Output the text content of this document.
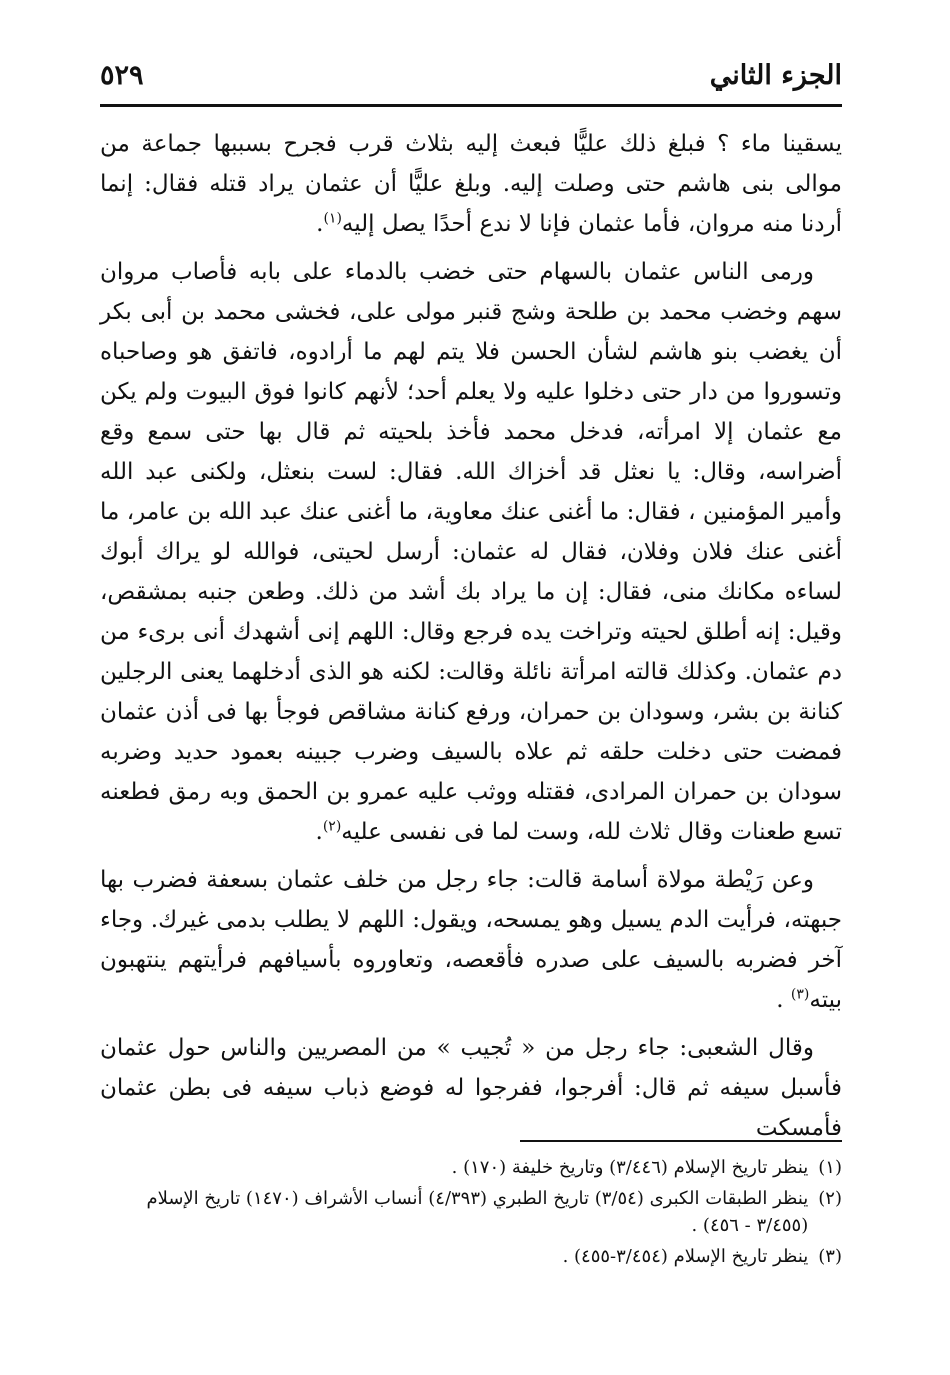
الجزء الثاني
٥٢٩

يسقينا ماء ؟ فبلغ ذلك عليًّا فبعث إليه بثلاث قرب فجرح بسببها جماعة من موالى بنى هاشم حتى وصلت إليه. وبلغ عليًّا أن عثمان يراد قتله فقال: إنما أردنا منه مروان، فأما عثمان فإنا لا ندع أحدًا يصل إليه$^{(١)}$.

ورمى الناس عثمان بالسهام حتى خضب بالدماء على بابه فأصاب مروان سهم وخضب محمد بن طلحة وشج قنبر مولى على، فخشى محمد بن أبى بكر أن يغضب بنو هاشم لشأن الحسن فلا يتم لهم ما أرادوه، فاتفق هو وصاحباه وتسوروا من دار حتى دخلوا عليه ولا يعلم أحد؛ لأنهم كانوا فوق البيوت ولم يكن مع عثمان إلا امرأته، فدخل محمد فأخذ بلحيته ثم قال بها حتى سمع وقع أضراسه، وقال: يا نعثل قد أخزاك الله. فقال: لست بنعثل، ولكنى عبد الله وأمير المؤمنين ، فقال: ما أغنى عنك معاوية، ما أغنى عنك عبد الله بن عامر، ما أغنى عنك فلان وفلان، فقال له عثمان: أرسل لحيتى، فوالله لو يراك أبوك لساءه مكانك منى، فقال: إن ما يراد بك أشد من ذلك. وطعن جنبه بمشقص، وقيل: إنه أطلق لحيته وتراخت يده فرجع وقال: اللهم إنى أشهدك أنى برىء من دم عثمان. وكذلك قالته امرأتة نائلة وقالت: لكنه هو الذى أدخلهما يعنى الرجلين كنانة بن بشر، وسودان بن حمران، ورفع كنانة مشاقص فوجأ بها فى أذن عثمان فمضت حتى دخلت حلقه ثم علاه بالسيف وضرب جبينه بعمود حديد وضربه سودان بن حمران المرادى، فقتله ووثب عليه عمرو بن الحمق وبه رمق فطعنه تسع طعنات وقال ثلاث لله، وست لما فى نفسى عليه$^{(٢)}$.

وعن رَيْطة مولاة أسامة قالت: جاء رجل من خلف عثمان بسعفة فضرب بها جبهته، فرأيت الدم يسيل وهو يمسحه، ويقول: اللهم لا يطلب بدمى غيرك. وجاء آخر فضربه بالسيف على صدره فأقعصه، وتعاوروه بأسيافهم فرأيتهم ينتهبون بيته$^{(٣)}$ .

وقال الشعبى: جاء رجل من « تُجيب » من المصريين والناس حول عثمان فأسبل سيفه ثم قال: أفرجوا، ففرجوا له فوضع ذباب سيفه فى بطن عثمان فأمسكت

(١)
ينظر تاريخ الإسلام (٣/٤٤٦) وتاريخ خليفة (١٧٠) .
(٢)
ينظر الطبقات الكبرى (٣/٥٤) تاريخ الطبري (٤/٣٩٣) أنساب الأشراف (١٤٧٠) تاريخ الإسلام (٣/٤٥٥ - ٤٥٦) .
(٣)
ينظر تاريخ الإسلام (٣/٤٥٤-٤٥٥) .
